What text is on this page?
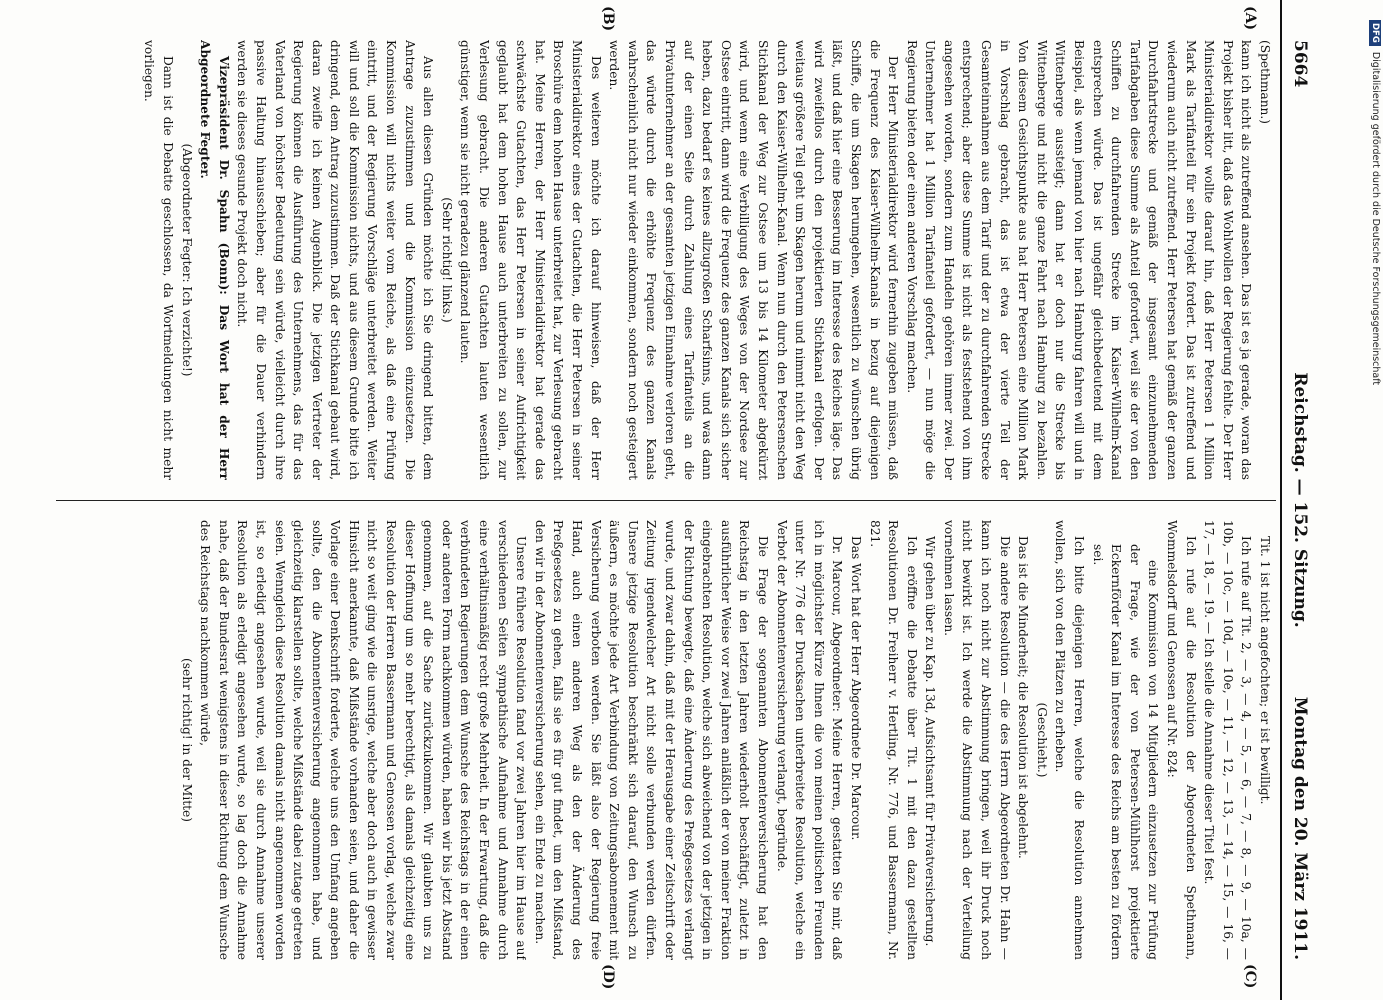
5664
Reichstag. — 152. Sitzung.
Montag den 20. März 1911.
(A)
(B)
(C)
(D)

(Spethmann.)

kann ich nicht als zutreffend ansehen. Das ist es ja gerade, woran das Projekt bisher litt, daß das Wohlwollen der Regierung fehlte. Der Herr Ministerialdirektor wollte darauf hin, daß Herr Petersen 1 Million Mark als Tarifanteil für sein Projekt fordert. Das ist zutreffend und wiederum auch nicht zutreffend. Herr Petersen hat gemäß der ganzen Durchfahrtstrecke und gemäß der insgesamt einzunehmenden Tarifabgaben diese Summe als Anteil gefordert, weil sie der von den Schiffen zu durchfahrenden Strecke im Kaiser-Wilhelm-Kanal entsprechen würde. Das ist ungefähr gleichbedeutend mit dem Beispiel, als wenn jemand von hier nach Hamburg fahren will und in Wittenberge aussteigt; dann hat er doch nur die Strecke bis Wittenberge und nicht die ganze Fahrt nach Hamburg zu bezahlen. Von diesem Gesichtspunkte aus hat Herr Petersen eine Million Mark in Vorschlag gebracht, das ist etwa der vierte Teil der Gesamteinnahmen aus dem Tarif und der zu durchfahrenden Strecke entsprechend; aber diese Summe ist nicht als feststehend von ihm angesehen worden, sondern zum Handeln gehören immer zwei. Der Unternehmer hat 1 Million Tarifanteil gefordert, — nun möge die Regierung bieten oder einen anderen Vorschlag machen.

Der Herr Ministerialdirektor wird fernerhin zugeben müssen, daß die Frequenz des Kaiser-Wilhelm-Kanals in bezug auf diejenigen Schiffe, die um Skagen herumgehen, wesentlich zu wünschen übrig läßt, und daß hier eine Besserung im Interesse des Reiches läge. Das wird zweifellos durch den projektierten Stichkanal erfolgen. Der weitaus größere Teil geht um Skagen herum und nimmt nicht den Weg durch den Kaiser-Wilhelm-Kanal. Wenn nun durch den Petersenschen Stichkanal der Weg zur Ostsee um 13 bis 14 Kilometer abgekürzt wird, und wenn eine Verbilligung des Weges von der Nordsee zur Ostsee eintritt, dann wird die Frequenz des ganzen Kanals sich sicher heben, dazu bedarf es keines allzugroßen Scharfsinns, und was dann auf der einen Seite durch Zahlung eines Tarifanteils an die Privatunternehmer an der gesamten jetzigen Einnahme verloren geht, das würde durch die erhöhte Frequenz des ganzen Kanals wahrscheinlich nicht nur wieder einkommen, sondern noch gesteigert werden.

Des weiteren möchte ich darauf hinweisen, daß der Herr Ministerialdirektor eines der Gutachten, die Herr Petersen in seiner Broschüre dem hohen Hause unterbreitet hat, zur Verlesung gebracht hat. Meine Herren, der Herr Ministerialdirektor hat gerade das schwächste Gutachten, das Herr Petersen in seiner Aufrichtigkeit geglaubt hat dem hohen Hause auch unterbreiten zu sollen, zur Verlesung gebracht. Die anderen Gutachten lauten wesentlich günstiger, wenn sie nicht geradezu glänzend lauten.

(Sehr richtig! links.)

Aus allen diesen Gründen möchte ich Sie dringend bitten, dem Antrage zuzustimmen und die Kommission einzusetzen. Die Kommission will nichts weiter vom Reiche, als daß eine Prüfung eintritt, und der Regierung Vorschläge unterbreitet werden. Weiter will und soll die Kommission nichts, und aus diesem Grunde bitte ich dringend, dem Antrag zuzustimmen. Daß der Stichkanal gebaut wird, daran zweifle ich keinen Augenblick. Die jetzigen Vertreter der Regierung können die Ausführung des Unternehmens, das für das Vaterland von höchster Bedeutung sein würde, vielleicht durch ihre passive Haltung hinausschieben; aber für die Dauer verhindern werden sie dieses gesunde Projekt doch nicht.

Vizepräsident Dr. Spahn (Bonn): Das Wort hat der Herr Abgeordnete Fegter.

(Abgeordneter Fegter: Ich verzichte!)

Dann ist die Debatte geschlossen, da Wortmeldungen nicht mehr vorliegen.

Tit. 1 ist nicht angefochten; er ist bewilligt.

Ich rufe auf Tit. 2, — 3, — 4, — 5, — 6, — 7, — 8, — 9, — 10a, — 10b, — 10c, — 10d, — 10e, — 11, — 12, — 13, — 14, — 15, — 16, — 17, — 18, — 19. — Ich stelle die Annahme dieser Titel fest.

Ich rufe auf die Resolution der Abgeordneten Spethmann, Wommelsdorff und Genossen auf Nr. 824:

eine Kommission von 14 Mitgliedern einzusetzen zur Prüfung der Frage, wie der von Petersen-Mühlhorst projektierte Eckernförder Kanal im Interesse des Reichs am besten zu fördern sei.

Ich bitte diejenigen Herren, welche die Resolution annehmen wollen, sich von den Plätzen zu erheben.

(Geschieht.)

Das ist die Minderheit; die Resolution ist abgelehnt.

Die andere Resolution — die des Herrn Abgeordneten Dr. Hahn — kann ich noch nicht zur Abstimmung bringen, weil ihr Druck noch nicht bewirkt ist. Ich werde die Abstimmung nach der Verteilung vornehmen lassen.

Wir gehen über zu Kap. 13d, Aufsichtsamt für Privatversicherung.

Ich eröffne die Debatte über Tit. 1 mit den dazu gestellten Resolutionen Dr. Freiherr v. Hertling, Nr. 776, und Bassermann, Nr. 821.

Das Wort hat der Herr Abgeordnete Dr. Marcour.

Dr. Marcour, Abgeordneter: Meine Herren, gestatten Sie mir, daß ich in möglichster Kürze Ihnen die von meinen politischen Freunden unter Nr. 776 der Drucksachen unterbreitete Resolution, welche ein Verbot der Abonnentenversicherung verlangt, begründe.

Die Frage der sogenannten Abonnentenversicherung hat den Reichstag in den letzten Jahren wiederholt beschäftigt, zuletzt in ausführlicher Weise vor zwei Jahren anläßlich der von meiner Fraktion eingebrachten Resolution, welche sich abweichend von der jetzigen in der Richtung bewegte, daß eine Änderung des Preßgesetzes verlangt wurde, und zwar dahin, daß mit der Herausgabe einer Zeitschrift oder Zeitung irgendwelcher Art nicht solle verbunden werden dürfen. Unsere jetzige Resolution beschränkt sich darauf, den Wunsch zu äußern, es möchte jede Art Verbindung von Zeitungsabonnement mit Versicherung verboten werden. Sie läßt also der Regierung freie Hand, auch einen anderen Weg als den der Änderung des Preßgesetzes zu gehen, falls sie es für gut findet, um den Mißstand, den wir in der Abonnentenversicherung sehen, ein Ende zu machen.

Unsere frühere Resolution fand vor zwei Jahren hier im Hause auf verschiedenen Seiten sympathische Aufnahme und Annahme durch eine verhältnismäßig recht große Mehrheit. In der Erwartung, daß die verbündeten Regierungen dem Wunsche des Reichstags in der einen oder anderen Form nachkommen würden, haben wir bis jetzt Abstand genommen, auf die Sache zurückzukommen. Wir glaubten uns zu dieser Hoffnung um so mehr berechtigt, als damals gleichzeitig eine Resolution der Herren Bassermann und Genossen vorlag, welche zwar nicht so weit ging wie die unsrige, welche aber doch auch in gewisser Hinsicht anerkannte, daß Mißstände vorhanden seien, und daher die Vorlage einer Denkschrift forderte, welche uns den Umfang angeben sollte, den die Abonnentenversicherung angenommen habe, und gleichzeitig klarstellen sollte, welche Mißstände dabei zutage getreten seien. Wenngleich diese Resolution damals nicht angenommen worden ist, so erledigt angesehen wurde, weil sie durch Annahme unserer Resolution als erledigt angesehen wurde, so lag doch die Annahme nahe, daß der Bundesrat wenigstens in dieser Richtung dem Wunsche des Reichstags nachkommen würde,

(sehr richtig! in der Mitte)

DFGDigitalisierung gefördert durch die Deutsche Forschungsgemeinschaft
